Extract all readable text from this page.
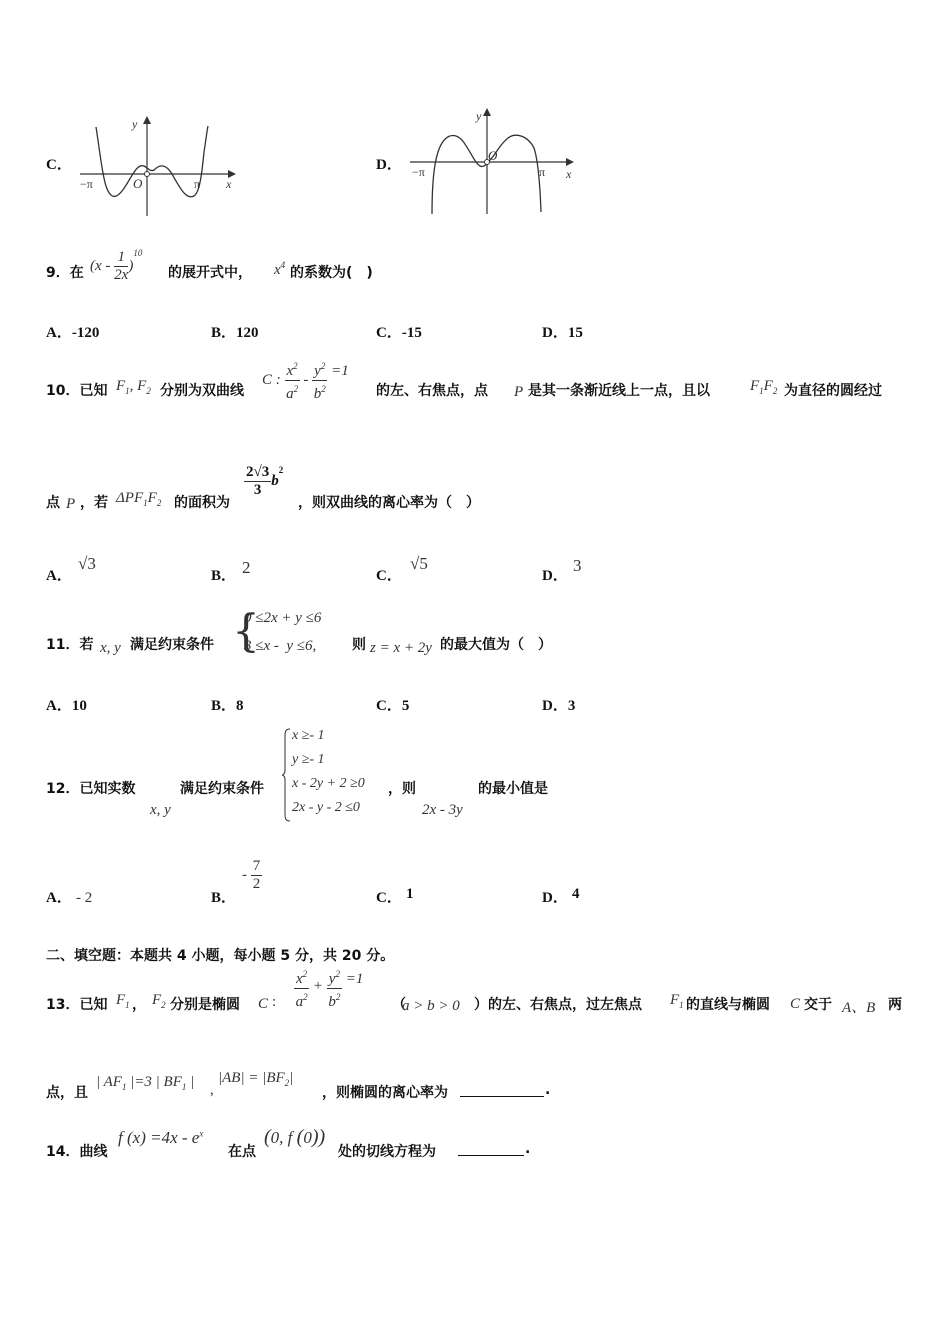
C．
y
x
O
−π	π
D．
y
x
O
−π	π
9．在 $(x - \frac{1}{2x} )^{10}$
的展开式中， $x^4$ 的系数为(　)
A．-120	B．120	C．-15	D．15
10．已知 $F_1$, $F_2$ 分别为双曲线
C : $\frac{x^2}{a^2} - \frac{y^2}{b^2} =1$
的左、右焦点，点 P 是其一条渐近线上一点，且以	$F_1F_2$ 为直径的圆经过
点 P ，若 $\Delta PF_1F_2$ 的面积为
$\frac{2√3}{3} b^2$
，则双曲线的离心率为（　）
A．
√3
B． 2	C．
√5
D．
3
11．若 x, y 满足约束条件 {
0 ≤2x + y ≤6
3 ≤x -  y ≤6,	则 z = x + 2y 的最大值为（　）
A．10	B．8	C．5	D．3
12．已知实数
x, y
满足约束条件
x ≥- 1
y ≥- 1
x - 2y + 2 ≥0
2x - y - 2 ≤0
，则
2x - 3y
的最小值是
A． - 2	B．
- $\frac{7}{2}$
C． 1	D． 4
二、填空题：本题共 4 小题，每小题 5 分，共 20 分。
13．已知 $F_1$ ， $F_2$ 分别是椭圆 C : $\frac{x^2}{a^2} + \frac{y^2}{b^2} =1$
（
a > b > 0 ）的左、右焦点，过左焦点 $F_1$ 的直线与椭圆 C 交于 A、B 两
点，且
| $AF_1$ |=3 | $BF_1$ | ,
$|AB| = |BF_2|$
，则椭圆的离心率为	.
14．曲线
f $(x) =4x - e^x$
在点
(0, f (0))
处的切线方程为	.
